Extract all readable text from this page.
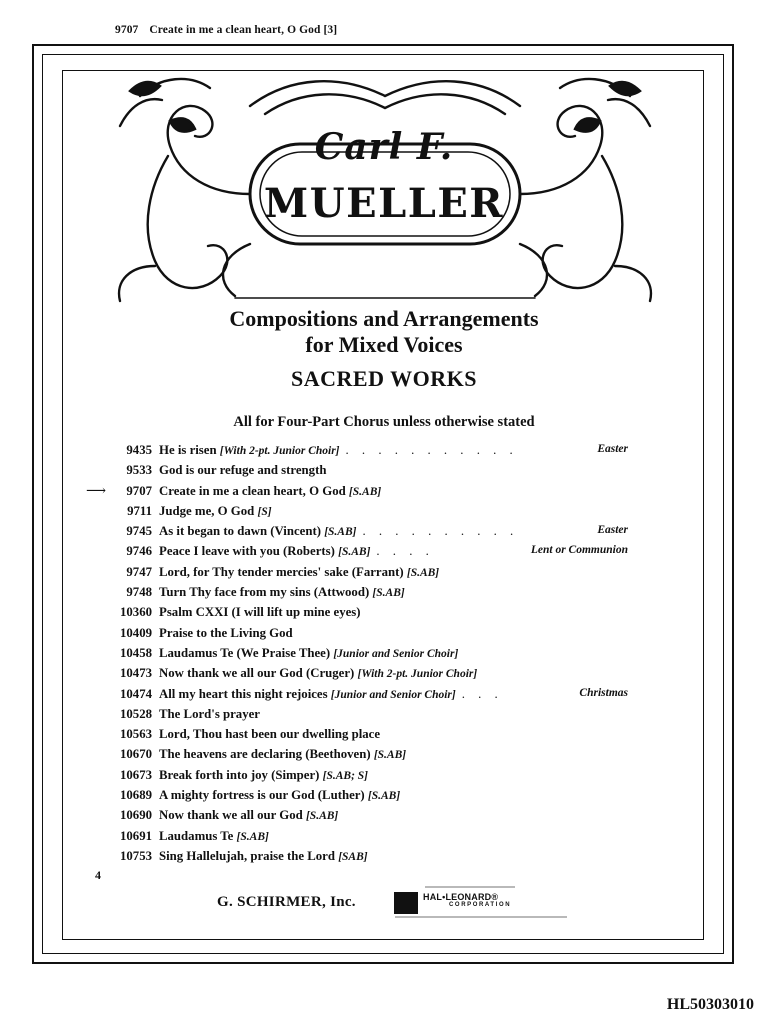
9707 Create in me a clean heart, O God [3]
Carl F.
MUELLER
Compositions and Arrangements
for Mixed Voices
SACRED WORKS
All for Four-Part Chorus unless otherwise stated
9435 He is risen [With 2-pt. Junior Choir] . . . . . . . . . . .	Easter
9533 God is our refuge and strength
⟶	9707 Create in me a clean heart, O God [S.AB]
9711 Judge me, O God [S]
9745 As it began to dawn (Vincent) [S.AB] . . . . . . . . . .	Easter
9746 Peace I leave with you (Roberts) [S.AB] . . . .	Lent or Communion
9747 Lord, for Thy tender mercies' sake (Farrant) [S.AB]
9748 Turn Thy face from my sins (Attwood) [S.AB]
10360 Psalm CXXI (I will lift up mine eyes)
10409 Praise to the Living God
10458 Laudamus Te (We Praise Thee) [Junior and Senior Choir]
10473 Now thank we all our God (Cruger) [With 2-pt. Junior Choir]
10474 All my heart this night rejoices [Junior and Senior Choir] . . .	Christmas
10528 The Lord's prayer
10563 Lord, Thou hast been our dwelling place
10670 The heavens are declaring (Beethoven) [S.AB]
10673 Break forth into joy (Simper) [S.AB; S]
10689 A mighty fortress is our God (Luther) [S.AB]
10690 Now thank we all our God [S.AB]
10691 Laudamus Te [S.AB]
10753 Sing Hallelujah, praise the Lord [SAB]
4
G. SCHIRMER, Inc.	HAL•LEONARD®
CORPORATION
HL50303010
